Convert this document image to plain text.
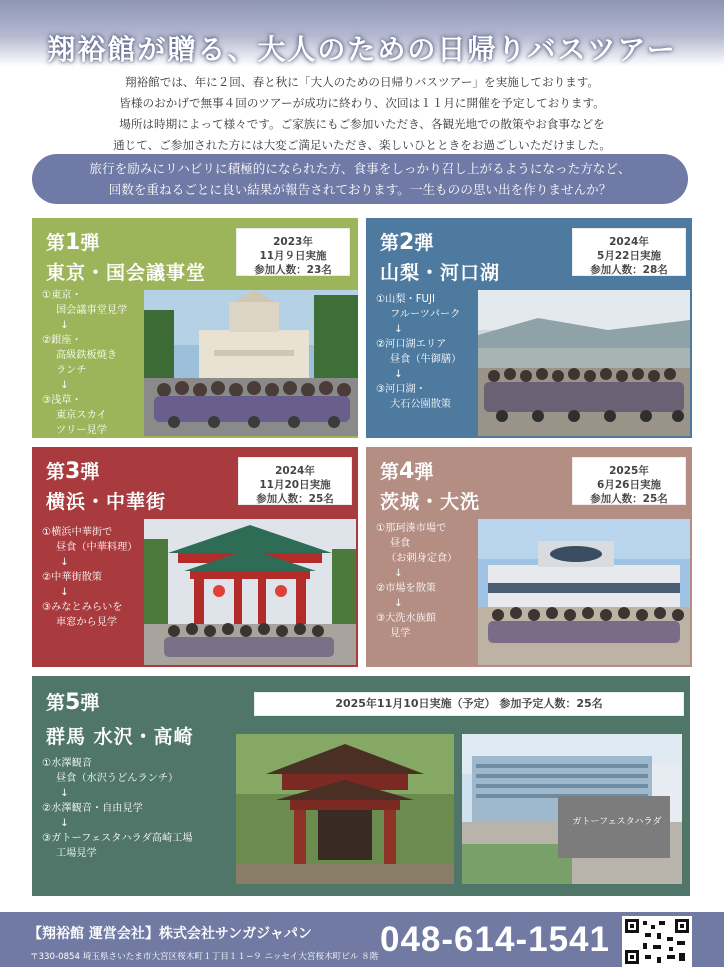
翔裕館が贈る、大人のための日帰りバスツアー
翔裕館では、年に２回、春と秋に「大人のための日帰りバスツアー」を実施しております。
皆様のおかげで無事４回のツアーが成功に終わり、次回は１１月に開催を予定しております。
場所は時期によって様々です。ご家族にもご参加いただき、各観光地での散策やお食事などを
通じて、ご参加された方には大変ご満足いただき、楽しいひとときをお過ごしいただけました。
旅行を励みにリハビリに積極的になられた方、食事をしっかり召し上がるようになった方など、
回数を重ねるごとに良い結果が報告されております。一生ものの思い出を作りませんか？
第1弾
東京・国会議事堂
2023年
11月９日実施
参加人数：23名
①東京・
国会議事堂見学
↓
②銀座・
高級鉄板焼き
ランチ
↓
③浅草・
東京スカイ
ツリー見学
第2弾
山梨・河口湖
2024年
5月22日実施
参加人数：28名
①山梨・FUJI
フルーツパーク
↓
②河口湖エリア
昼食（牛御膳）
↓
③河口湖・
大石公園散策
第3弾
横浜・中華街
2024年
11月20日実施
参加人数：25名
①横浜中華街で
昼食（中華料理）
↓
②中華街散策
↓
③みなとみらいを
車窓から見学
第4弾
茨城・大洗
2025年
6月26日実施
参加人数：25名
①那珂湊市場で
昼食
（お刺身定食）
↓
②市場を散策
↓
③大洗水族館
見学
第5弾
群馬 水沢・高崎
2025年11月10日実施（予定） 参加予定人数：25名
①水澤観音
昼食（水沢うどんランチ）
↓
②水澤観音・自由見学
↓
③ガトーフェスタハラダ高崎工場
工場見学
ガトーフェスタハラダ
【翔裕館 運営会社】株式会社サンガジャパン
〒330-0854 埼玉県さいたま市大宮区桜木町１丁目１１−９ ニッセイ大宮桜木町ビル ８階 048-614-1541
